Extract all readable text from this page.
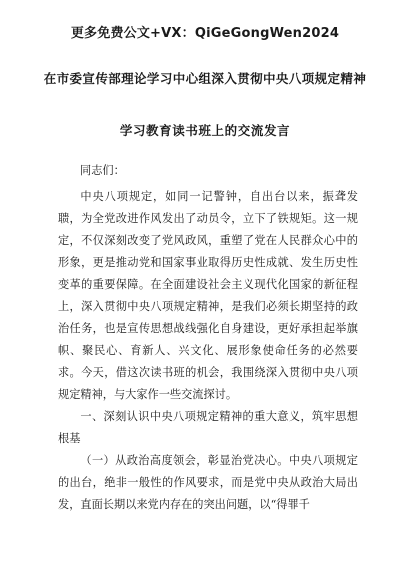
更多免费公文+VX：QiGeGongWen2024
在市委宣传部理论学习中心组深入贯彻中央八项规定精神
学习教育读书班上的交流发言
同志们：

中央八项规定，如同一记警钟，自出台以来，振聋发聩，为全党改进作风发出了动员令，立下了铁规矩。这一规定，不仅深刻改变了党风政风，重塑了党在人民群众心中的形象，更是推动党和国家事业取得历史性成就、发生历史性变革的重要保障。在全面建设社会主义现代化国家的新征程上，深入贯彻中央八项规定精神，是我们必须长期坚持的政治任务，也是宣传思想战线强化自身建设，更好承担起举旗帜、聚民心、育新人、兴文化、展形象使命任务的必然要求。今天，借这次读书班的机会，我围绕深入贯彻中央八项规定精神，与大家作一些交流探讨。

一、深刻认识中央八项规定精神的重大意义，筑牢思想根基

（一）从政治高度领会，彰显治党决心。中央八项规定的出台，绝非一般性的作风要求，而是党中央从政治大局出发，直面长期以来党内存在的突出问题，以“得罪千
